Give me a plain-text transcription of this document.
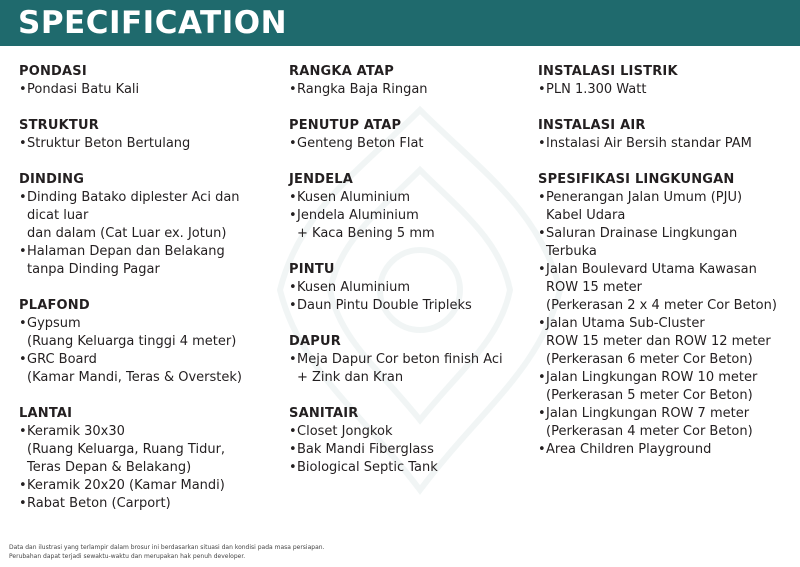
SPECIFICATION
PONDASI
• Pondasi Batu Kali
STRUKTUR
• Struktur Beton Bertulang
DINDING
• Dinding Batako diplester Aci dan
dicat luar
dan dalam (Cat Luar ex. Jotun)
• Halaman Depan dan Belakang
tanpa Dinding Pagar
PLAFOND
• Gypsum
(Ruang Keluarga tinggi 4 meter)
• GRC Board
(Kamar Mandi, Teras & Overstek)
LANTAI
• Keramik 30x30
(Ruang Keluarga, Ruang Tidur,
Teras Depan & Belakang)
• Keramik 20x20 (Kamar Mandi)
• Rabat Beton (Carport)
RANGKA ATAP
• Rangka Baja Ringan
PENUTUP ATAP
• Genteng Beton Flat
JENDELA
• Kusen Aluminium
• Jendela Aluminium
+ Kaca Bening 5 mm
PINTU
• Kusen Aluminium
• Daun Pintu Double Tripleks
DAPUR
• Meja Dapur Cor beton finish Aci
+ Zink dan Kran
SANITAIR
• Closet Jongkok
• Bak Mandi Fiberglass
• Biological Septic Tank
INSTALASI LISTRIK
• PLN 1.300 Watt
INSTALASI AIR
• Instalasi Air Bersih standar PAM
SPESIFIKASI LINGKUNGAN
• Penerangan Jalan Umum (PJU)
Kabel Udara
• Saluran Drainase Lingkungan
Terbuka
• Jalan Boulevard Utama Kawasan
ROW 15 meter
(Perkerasan 2 x 4 meter Cor Beton)
• Jalan Utama Sub-Cluster
ROW 15 meter dan ROW 12 meter
(Perkerasan 6 meter Cor Beton)
• Jalan Lingkungan ROW 10 meter
(Perkerasan 5 meter Cor Beton)
• Jalan Lingkungan ROW 7 meter
(Perkerasan 4 meter Cor Beton)
• Area Children Playground
Data dan ilustrasi yang terlampir dalam brosur ini berdasarkan situasi dan kondisi pada masa persiapan.
Perubahan dapat terjadi sewaktu-waktu dan merupakan hak penuh developer.
